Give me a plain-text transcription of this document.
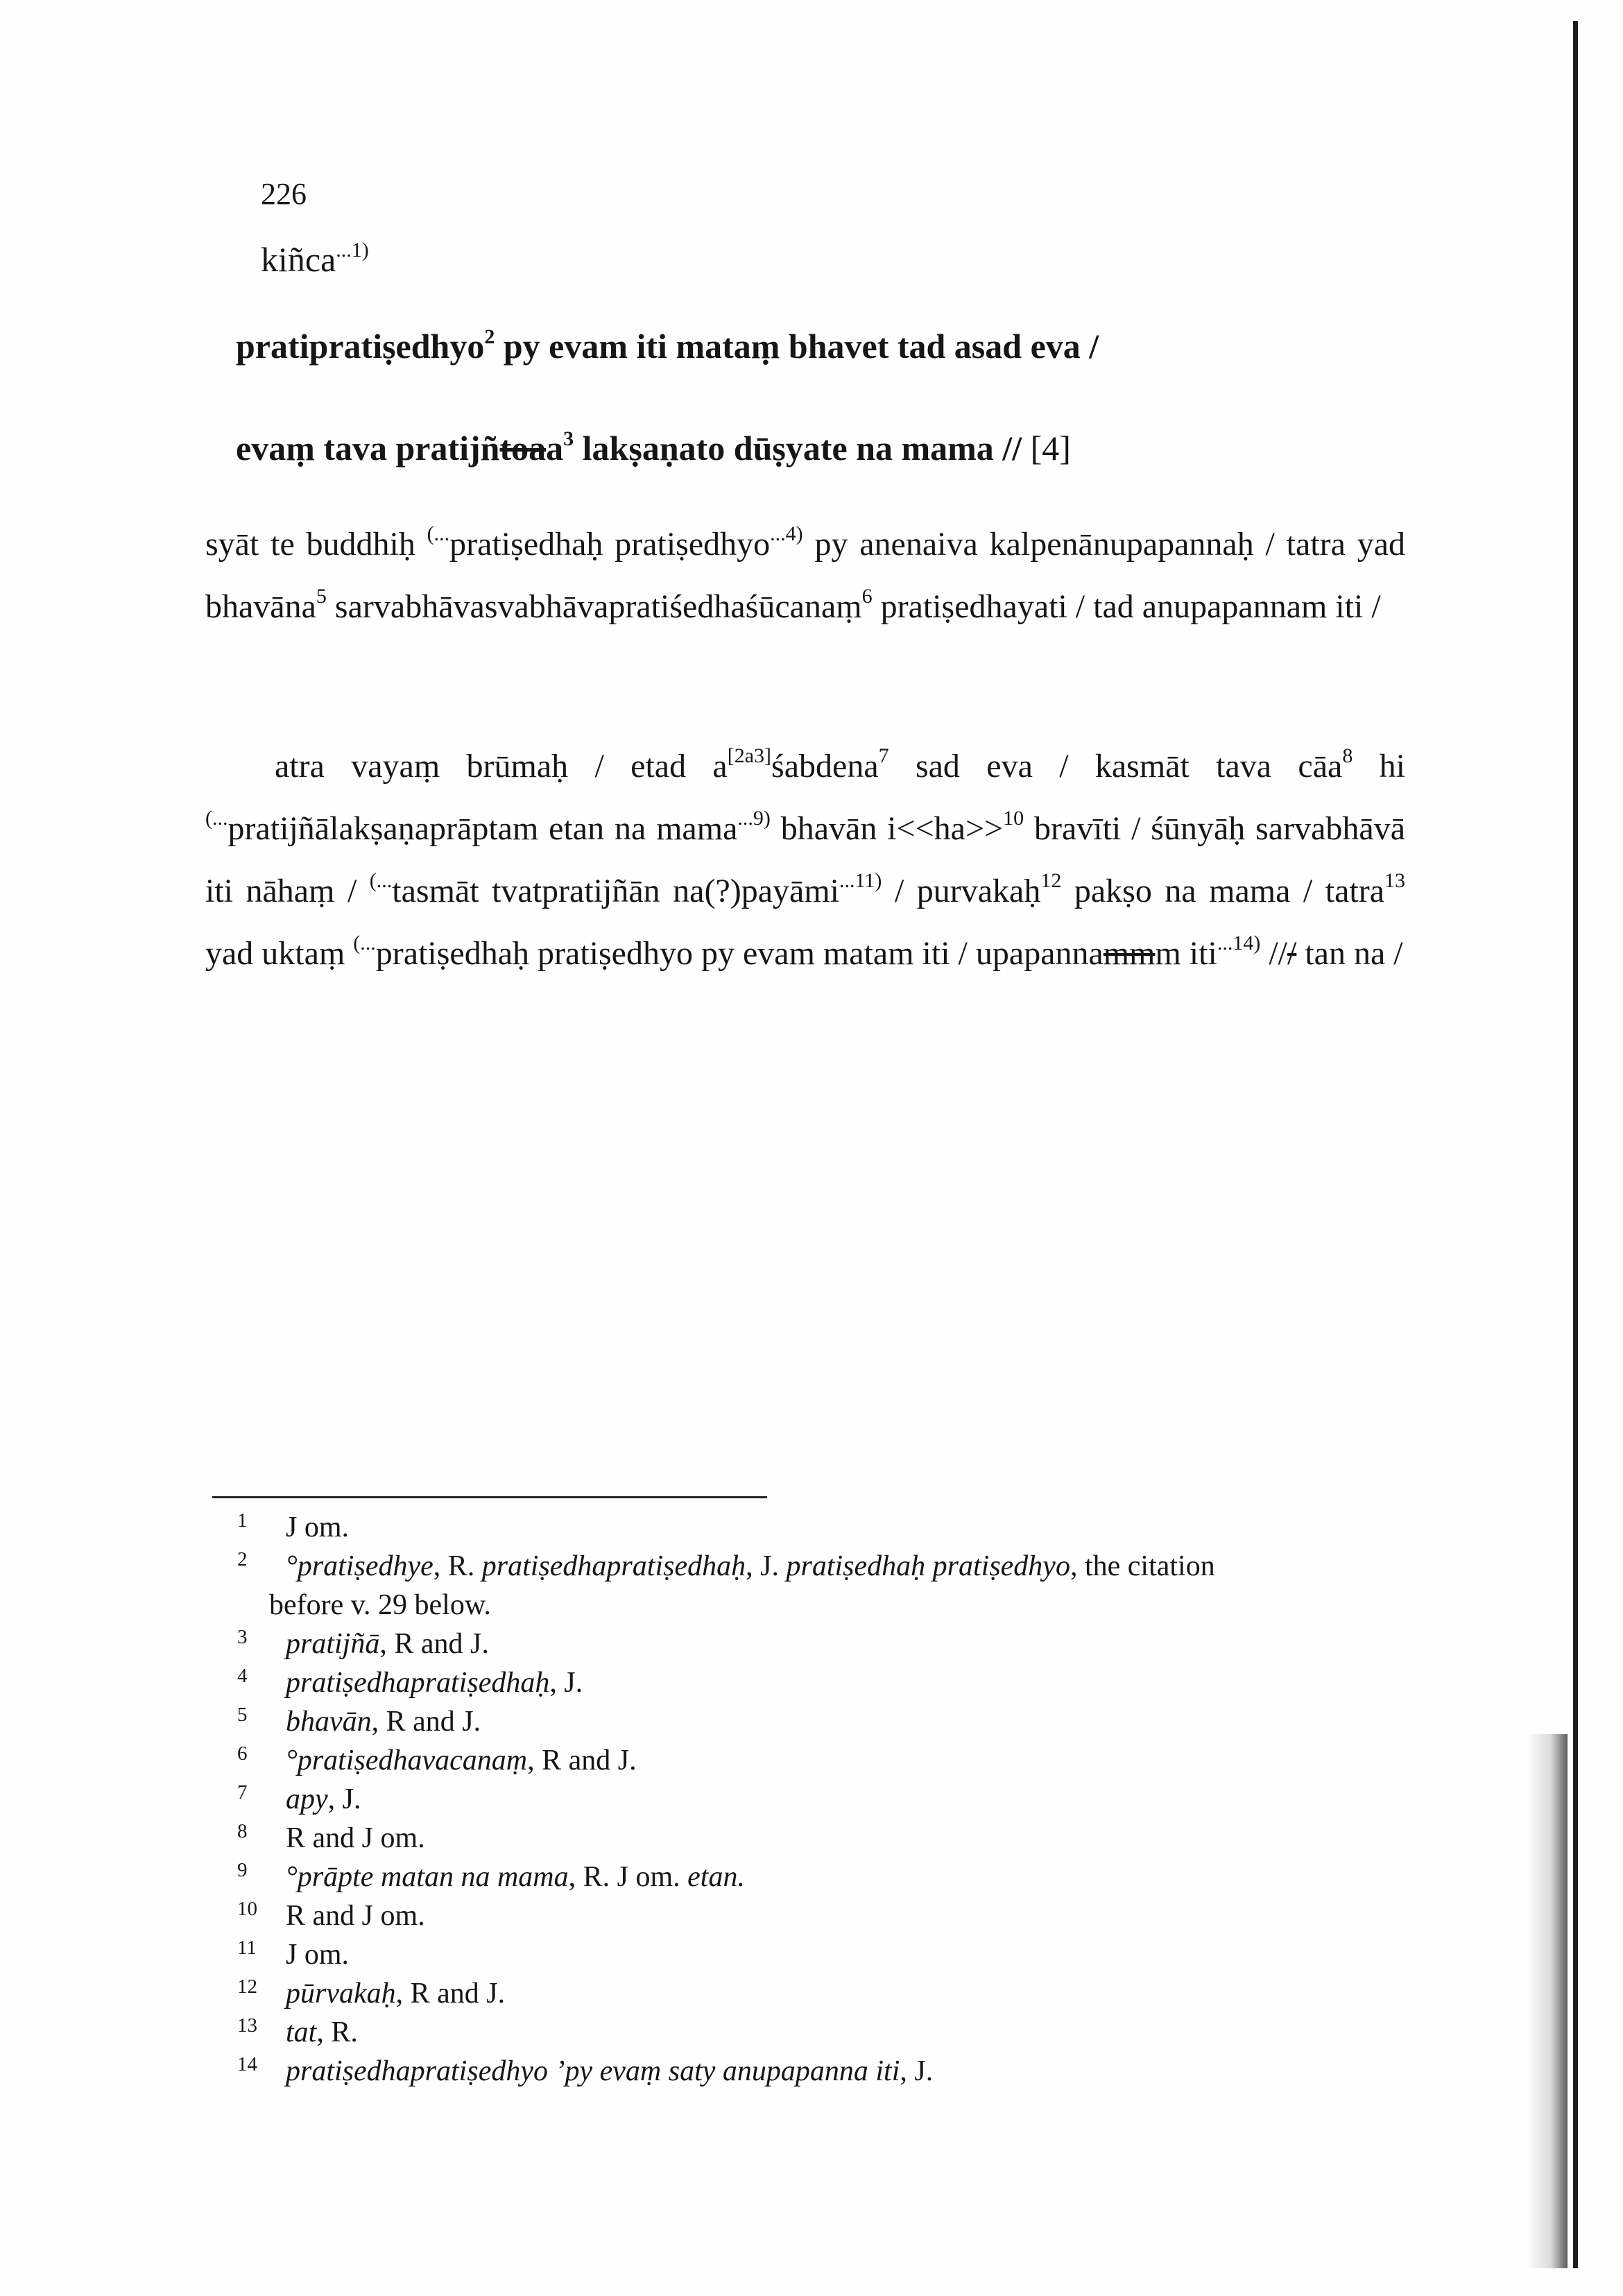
226
kiñca$^{...1)}$
pratipratiṣedhyo$^2$ py evam iti mataṃ bhavet tad asad eva /
evaṃ tava pratijñtoaa$^3$ lakṣaṇato dūṣyate na mama // [4]

syāt te buddhiḥ (...pratiṣedhaḥ pratiṣedhyo$^{...4)}$ py anenaiva kalpenānupapannaḥ / tatra yad bhavāna$^5$ sarvabhāvasvabhāvapratiśedhaśūcanaṃ$^6$ pratiṣedhayati / tad anupapannam iti /

atra vayaṃ brūmaḥ / etad a[2a3]śabdena$^7$ sad eva / kasmāt tava cāa$^8$ hi (...pratijñālakṣaṇaprāptam etan na mama$^{...9)}$ bhavān i<<ha>>$^{10}$ bravīti / śūnyāḥ sarvabhāvā iti nāhaṃ / (...tasmāt tvatpratijñān na(?)payāmi$^{...11)}$ / purvakaḥ$^{12}$ pakṣo na mama / tatra$^{13}$ yad uktaṃ (...pratiṣedhaḥ pratiṣedhyo py evam matam iti / upapannammm iti$^{...14)}$ /// tan na /

1 J om.
2 °pratiṣedhye, R. pratiṣedhapratiṣedhaḥ, J. pratiṣedhaḥ pratiṣedhyo, the citation
before v. 29 below.
3 pratijñā, R and J.
4 pratiṣedhapratiṣedhaḥ, J.
5 bhavān, R and J.
6 °pratiṣedhavacanaṃ, R and J.
7 apy, J.
8 R and J om.
9 °prāpte matan na mama, R. J om. etan.
10 R and J om.
11 J om.
12 pūrvakaḥ, R and J.
13 tat, R.
14 pratiṣedhapratiṣedhyo ’py evaṃ saty anupapanna iti, J.
